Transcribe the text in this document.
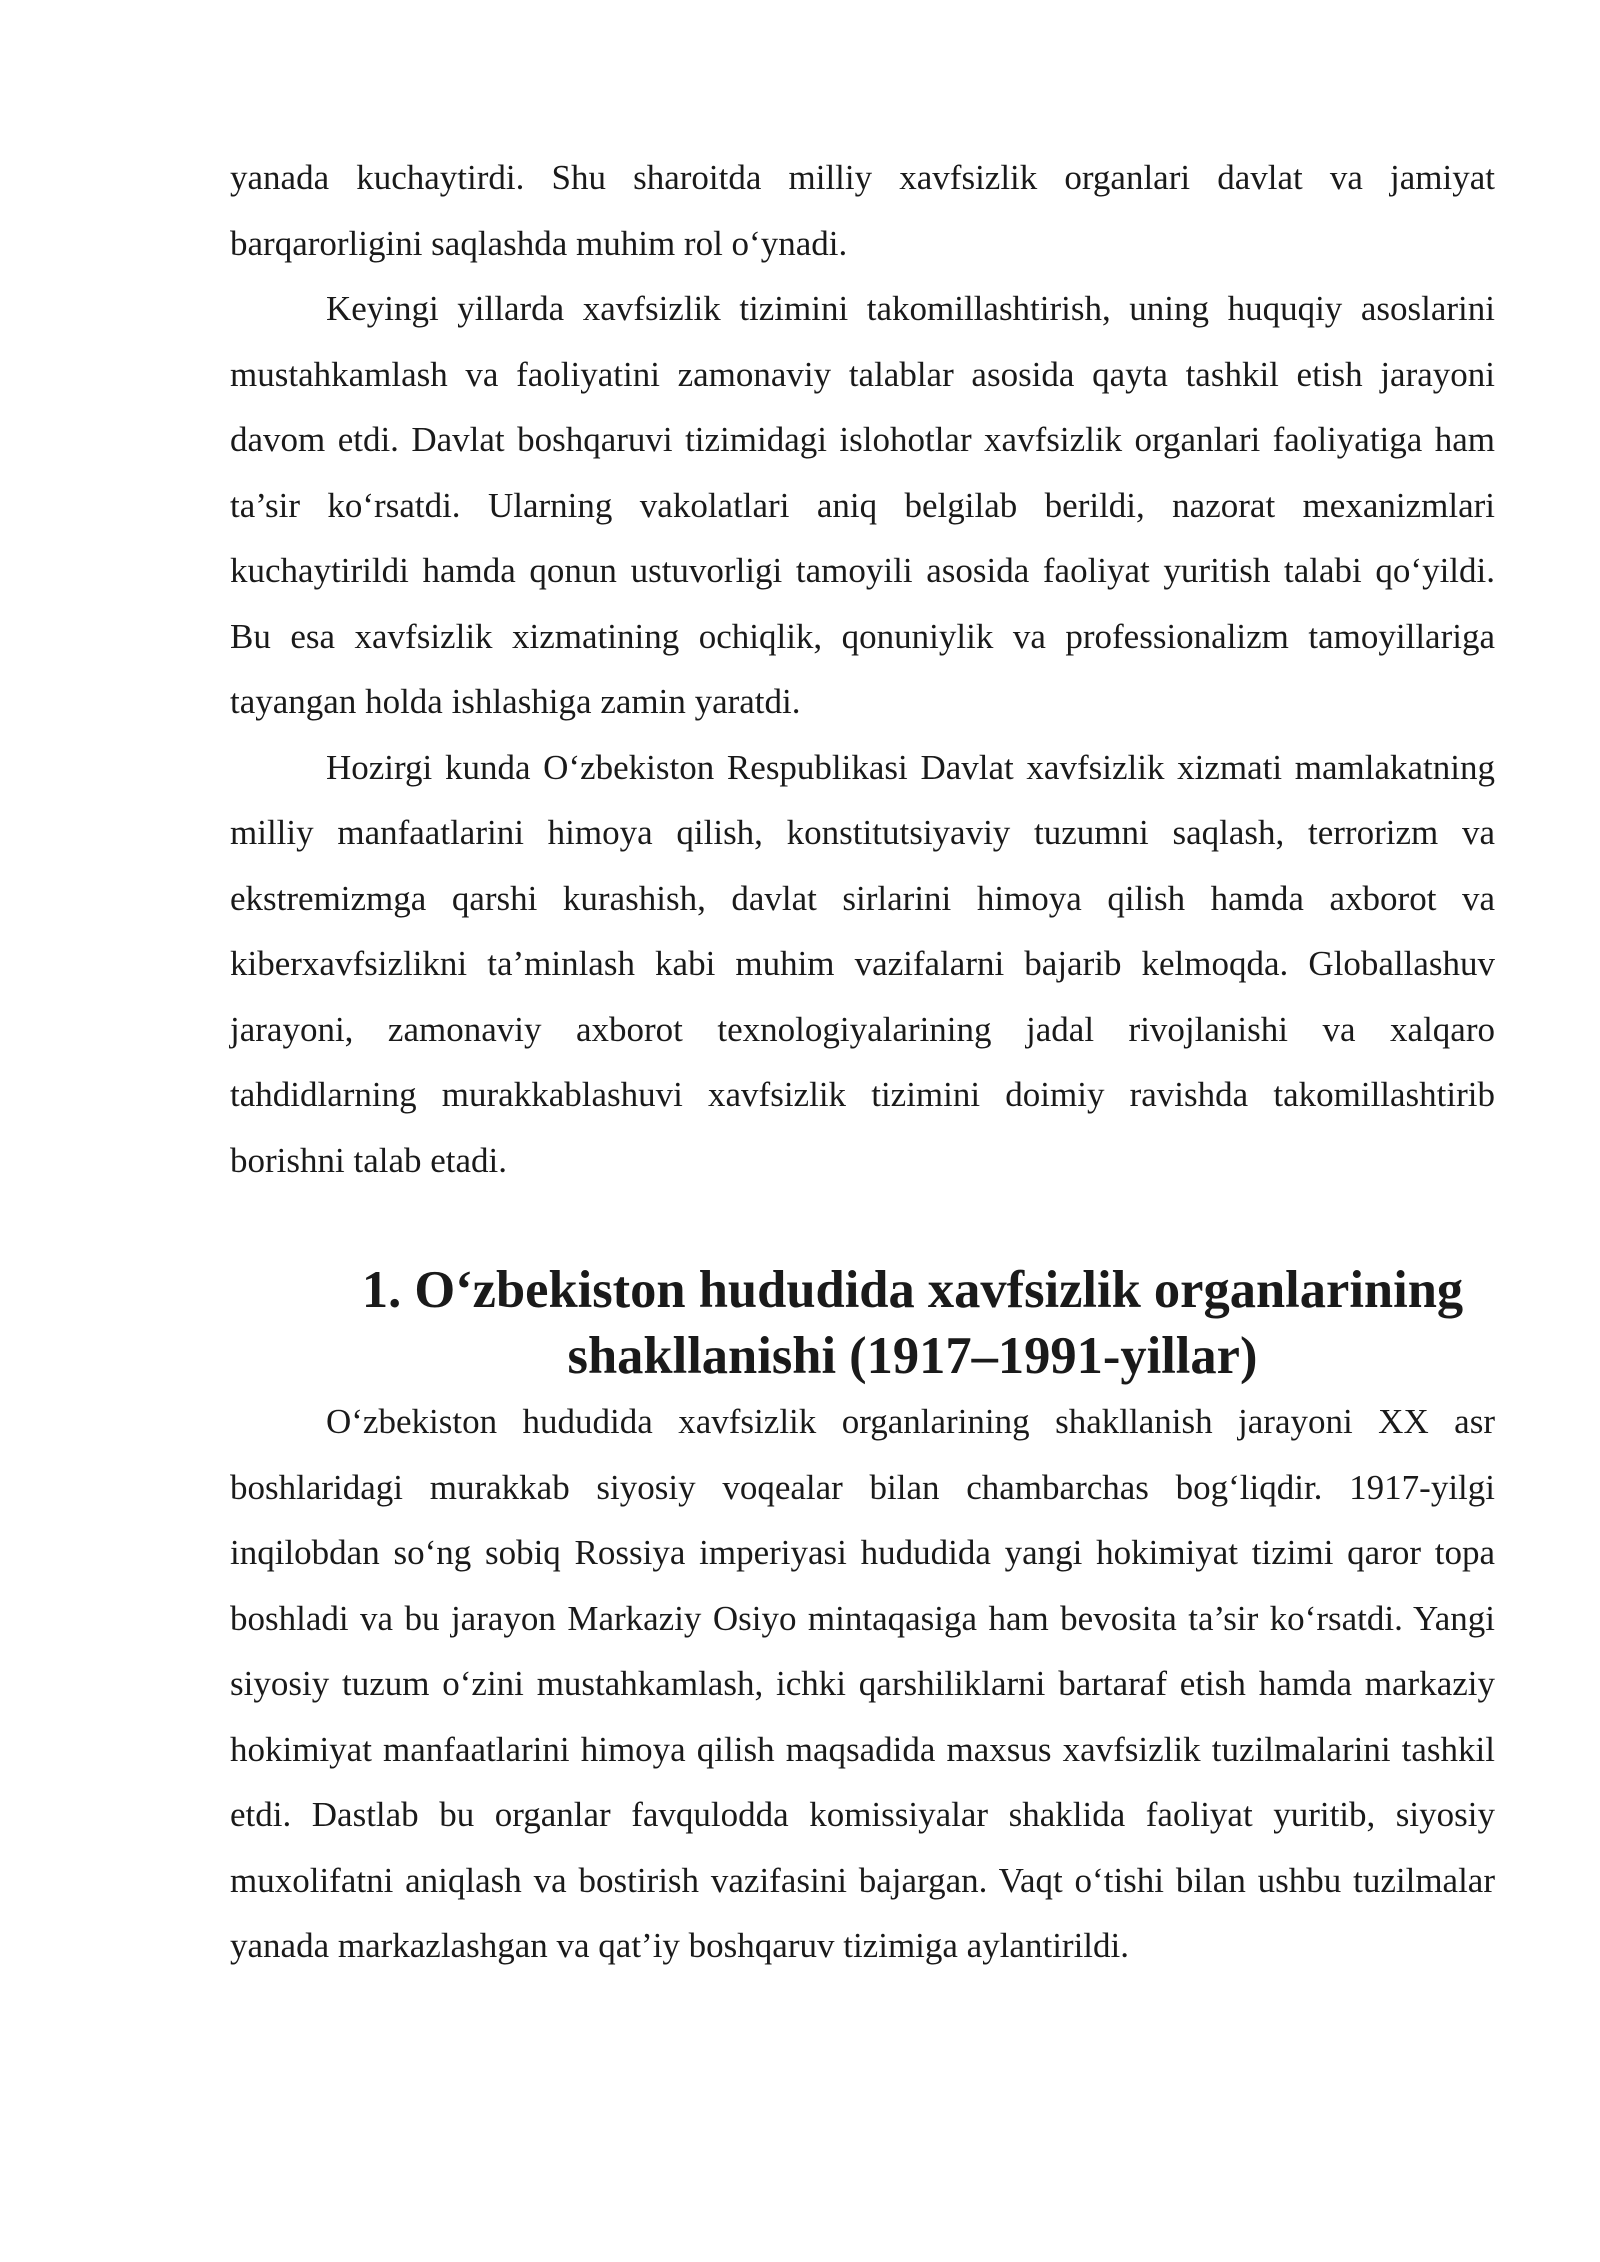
yanada kuchaytirdi. Shu sharoitda milliy xavfsizlik organlari davlat va jamiyat barqarorligini saqlashda muhim rol o‘ynadi.

Keyingi yillarda xavfsizlik tizimini takomillashtirish, uning huquqiy asoslarini mustahkamlash va faoliyatini zamonaviy talablar asosida qayta tashkil etish jarayoni davom etdi. Davlat boshqaruvi tizimidagi islohotlar xavfsizlik organlari faoliyatiga ham ta’sir ko‘rsatdi. Ularning vakolatlari aniq belgilab berildi, nazorat mexanizmlari kuchaytirildi hamda qonun ustuvorligi tamoyili asosida faoliyat yuritish talabi qo‘yildi. Bu esa xavfsizlik xizmatining ochiqlik, qonuniylik va professionalizm tamoyillariga tayangan holda ishlashiga zamin yaratdi.

Hozirgi kunda O‘zbekiston Respublikasi Davlat xavfsizlik xizmati mamlakatning milliy manfaatlarini himoya qilish, konstitutsiyaviy tuzumni saqlash, terrorizm va ekstremizmga qarshi kurashish, davlat sirlarini himoya qilish hamda axborot va kiberxavfsizlikni ta’minlash kabi muhim vazifalarni bajarib kelmoqda. Globallashuv jarayoni, zamonaviy axborot texnologiyalarining jadal rivojlanishi va xalqaro tahdidlarning murakkablashuvi xavfsizlik tizimini doimiy ravishda takomillashtirib borishni talab etadi.

1. O‘zbekiston hududida xavfsizlik organlarining shakllanishi (1917–1991-yillar)

O‘zbekiston hududida xavfsizlik organlarining shakllanish jarayoni XX asr boshlaridagi murakkab siyosiy voqealar bilan chambarchas bog‘liqdir. 1917-yilgi inqilobdan so‘ng sobiq Rossiya imperiyasi hududida yangi hokimiyat tizimi qaror topa boshladi va bu jarayon Markaziy Osiyo mintaqasiga ham bevosita ta’sir ko‘rsatdi. Yangi siyosiy tuzum o‘zini mustahkamlash, ichki qarshiliklarni bartaraf etish hamda markaziy hokimiyat manfaatlarini himoya qilish maqsadida maxsus xavfsizlik tuzilmalarini tashkil etdi. Dastlab bu organlar favqulodda komissiyalar shaklida faoliyat yuritib, siyosiy muxolifatni aniqlash va bostirish vazifasini bajargan. Vaqt o‘tishi bilan ushbu tuzilmalar yanada markazlashgan va qat’iy boshqaruv tizimiga aylantirildi.
